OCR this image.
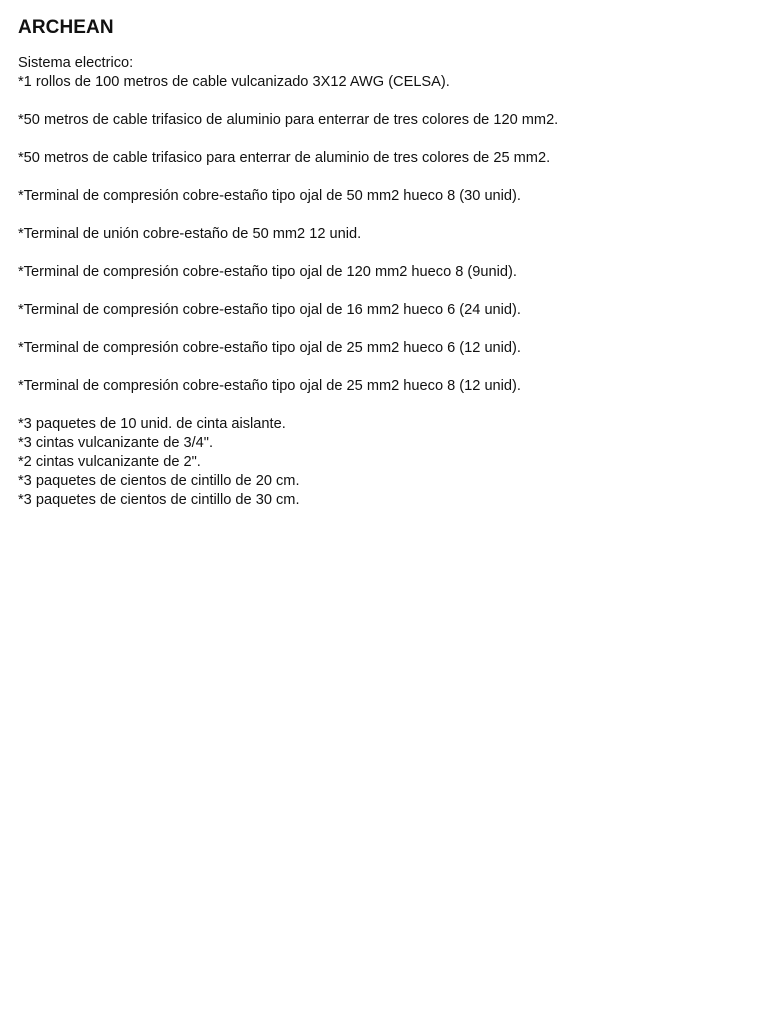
ARCHEAN
Sistema electrico:
*1 rollos de 100 metros de cable vulcanizado 3X12 AWG (CELSA).
*50 metros de cable trifasico de aluminio para enterrar de tres colores de 120 mm2.
*50 metros de cable trifasico para enterrar de aluminio de tres colores de 25 mm2.
*Terminal de compresión cobre-estaño tipo ojal de 50 mm2 hueco 8 (30 unid).
*Terminal de unión cobre-estaño de 50 mm2 12 unid.
*Terminal de compresión cobre-estaño tipo ojal de 120 mm2 hueco 8 (9unid).
*Terminal de compresión cobre-estaño tipo ojal de 16 mm2 hueco 6 (24 unid).
*Terminal de compresión cobre-estaño tipo ojal de 25 mm2 hueco 6 (12 unid).
*Terminal de compresión cobre-estaño tipo ojal de 25 mm2 hueco 8 (12 unid).
*3 paquetes de 10 unid. de cinta aislante.
*3 cintas vulcanizante de 3/4".
*2 cintas vulcanizante de 2".
*3 paquetes de cientos de cintillo de 20 cm.
*3 paquetes de cientos de cintillo de 30 cm.
